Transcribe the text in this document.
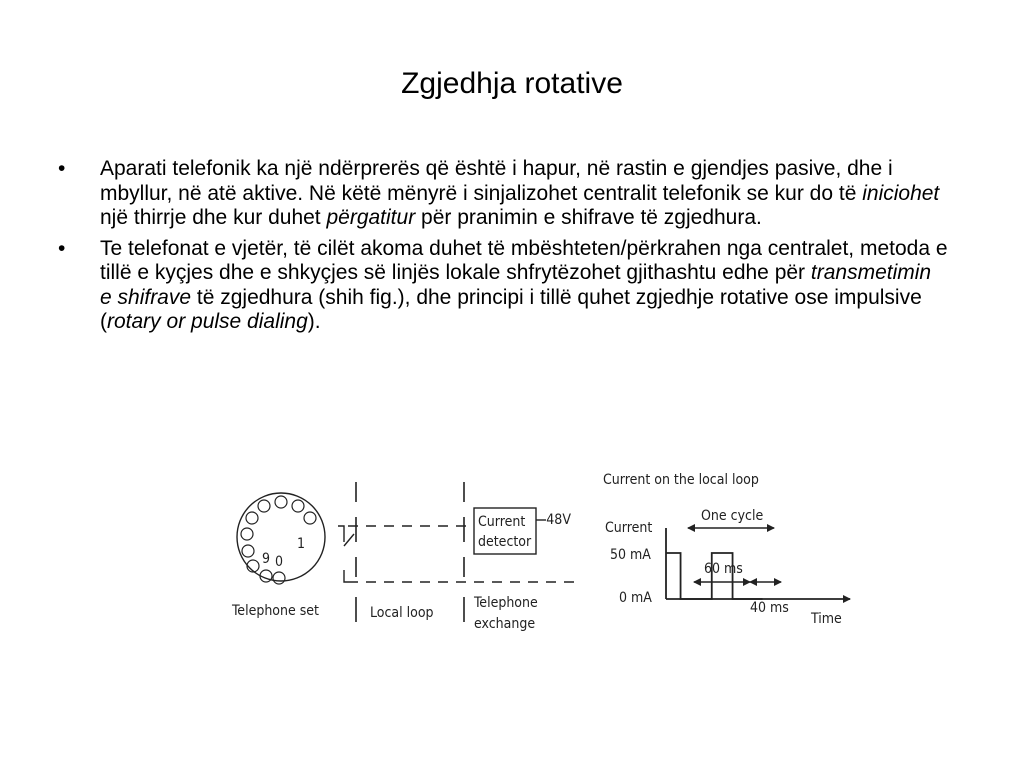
Zgjedhja rotative
• Aparati telefonik ka një ndërprerës që është i hapur, në rastin e gjendjes pasive, dhe i mbyllur, në atë aktive. Në këtë mënyrë i sinjalizohet centralit telefonik se kur do të iniciohet një thirrje dhe kur duhet përgatitur për pranimin e shifrave të zgjedhura.
• Te telefonat e vjetër, të cilët akoma duhet të mbështeten/përkrahen nga centralet, metoda e tillë e kyçjes dhe e shkyçjes së linjës lokale shfrytëzohet gjithashtu edhe për transmetimin e shifrave të zgjedhura (shih fig.), dhe principi i tillë quhet zgjedhje rotative ose impulsive (rotary or pulse dialing).
1
9 0
Current
detector
–48V
Telephone set	Local loop
Telephone
exchange
Current on the local loop
Current
50 mA
0 mA
One cycle
60 ms
40 ms
Time
